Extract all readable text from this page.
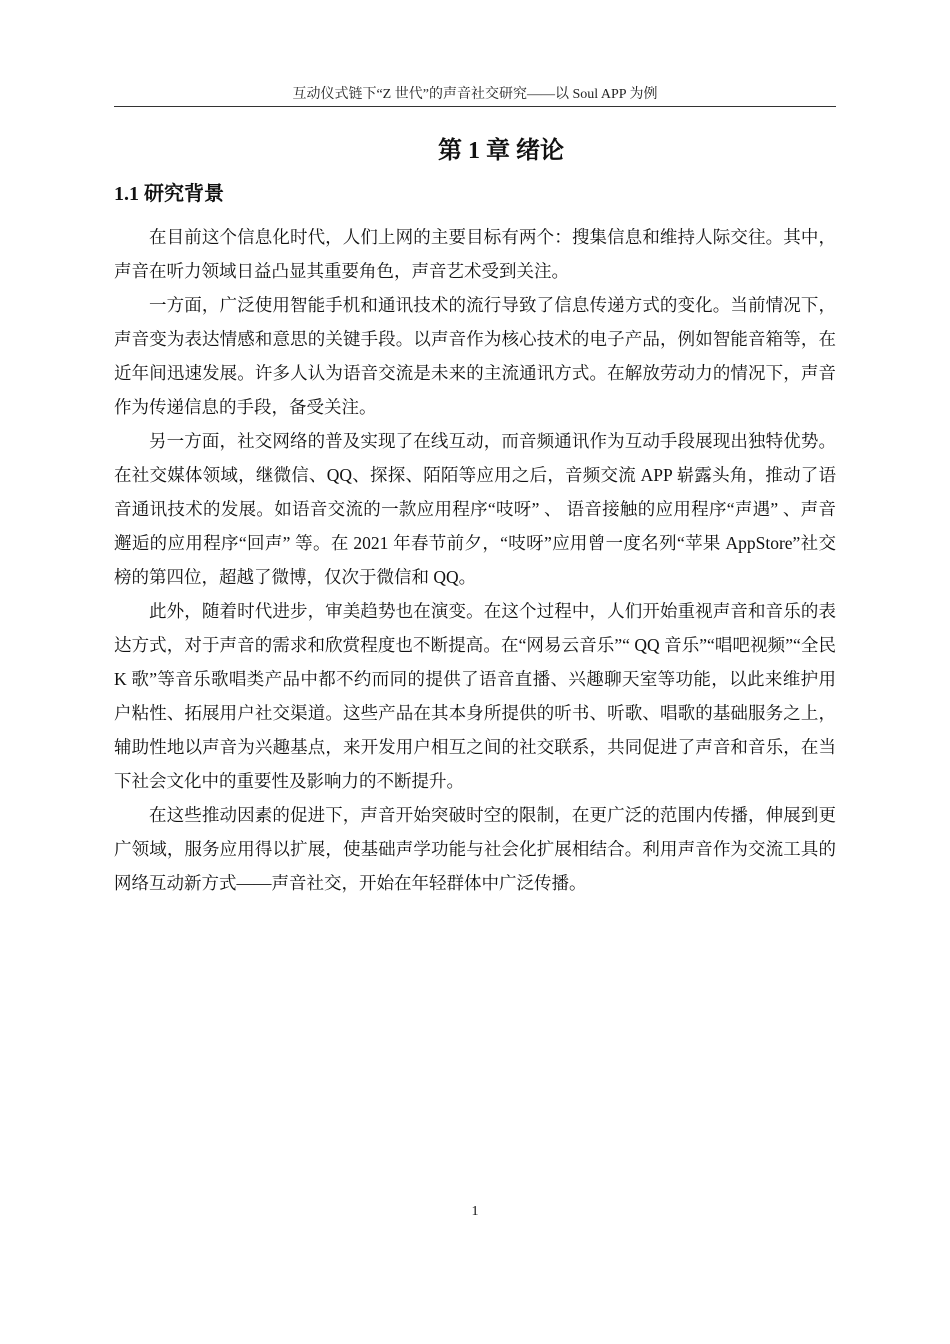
互动仪式链下“Z 世代”的声音社交研究——以 Soul APP 为例
第 1 章 绪论
1.1 研究背景

在目前这个信息化时代，人们上网的主要目标有两个：搜集信息和维持人际交往。其中，声音在听力领域日益凸显其重要角色，声音艺术受到关注。

一方面，广泛使用智能手机和通讯技术的流行导致了信息传递方式的变化。当前情况下，声音变为表达情感和意思的关键手段。以声音作为核心技术的电子产品，例如智能音箱等，在近年间迅速发展。许多人认为语音交流是未来的主流通讯方式。在解放劳动力的情况下，声音作为传递信息的手段，备受关注。

另一方面，社交网络的普及实现了在线互动，而音频通讯作为互动手段展现出独特优势。在社交媒体领域，继微信、QQ、探探、陌陌等应用之后，音频交流 APP 崭露头角，推动了语音通讯技术的发展。如语音交流的一款应用程序“吱呀” 、 语音接触的应用程序“声遇” 、声音邂逅的应用程序“回声” 等。在 2021 年春节前夕，“吱呀”应用曾一度名列“苹果 AppStore”社交榜的第四位，超越了微博，仅次于微信和 QQ。

此外，随着时代进步，审美趋势也在演变。在这个过程中，人们开始重视声音和音乐的表达方式，对于声音的需求和欣赏程度也不断提高。在“网易云音乐”“ QQ 音乐”“唱吧视频”“全民 K 歌”等音乐歌唱类产品中都不约而同的提供了语音直播、兴趣聊天室等功能，以此来维护用户粘性、拓展用户社交渠道。这些产品在其本身所提供的听书、听歌、唱歌的基础服务之上，辅助性地以声音为兴趣基点，来开发用户相互之间的社交联系，共同促进了声音和音乐，在当下社会文化中的重要性及影响力的不断提升。

在这些推动因素的促进下，声音开始突破时空的限制，在更广泛的范围内传播，伸展到更广领域，服务应用得以扩展，使基础声学功能与社会化扩展相结合。利用声音作为交流工具的网络互动新方式——声音社交，开始在年轻群体中广泛传播。

1
